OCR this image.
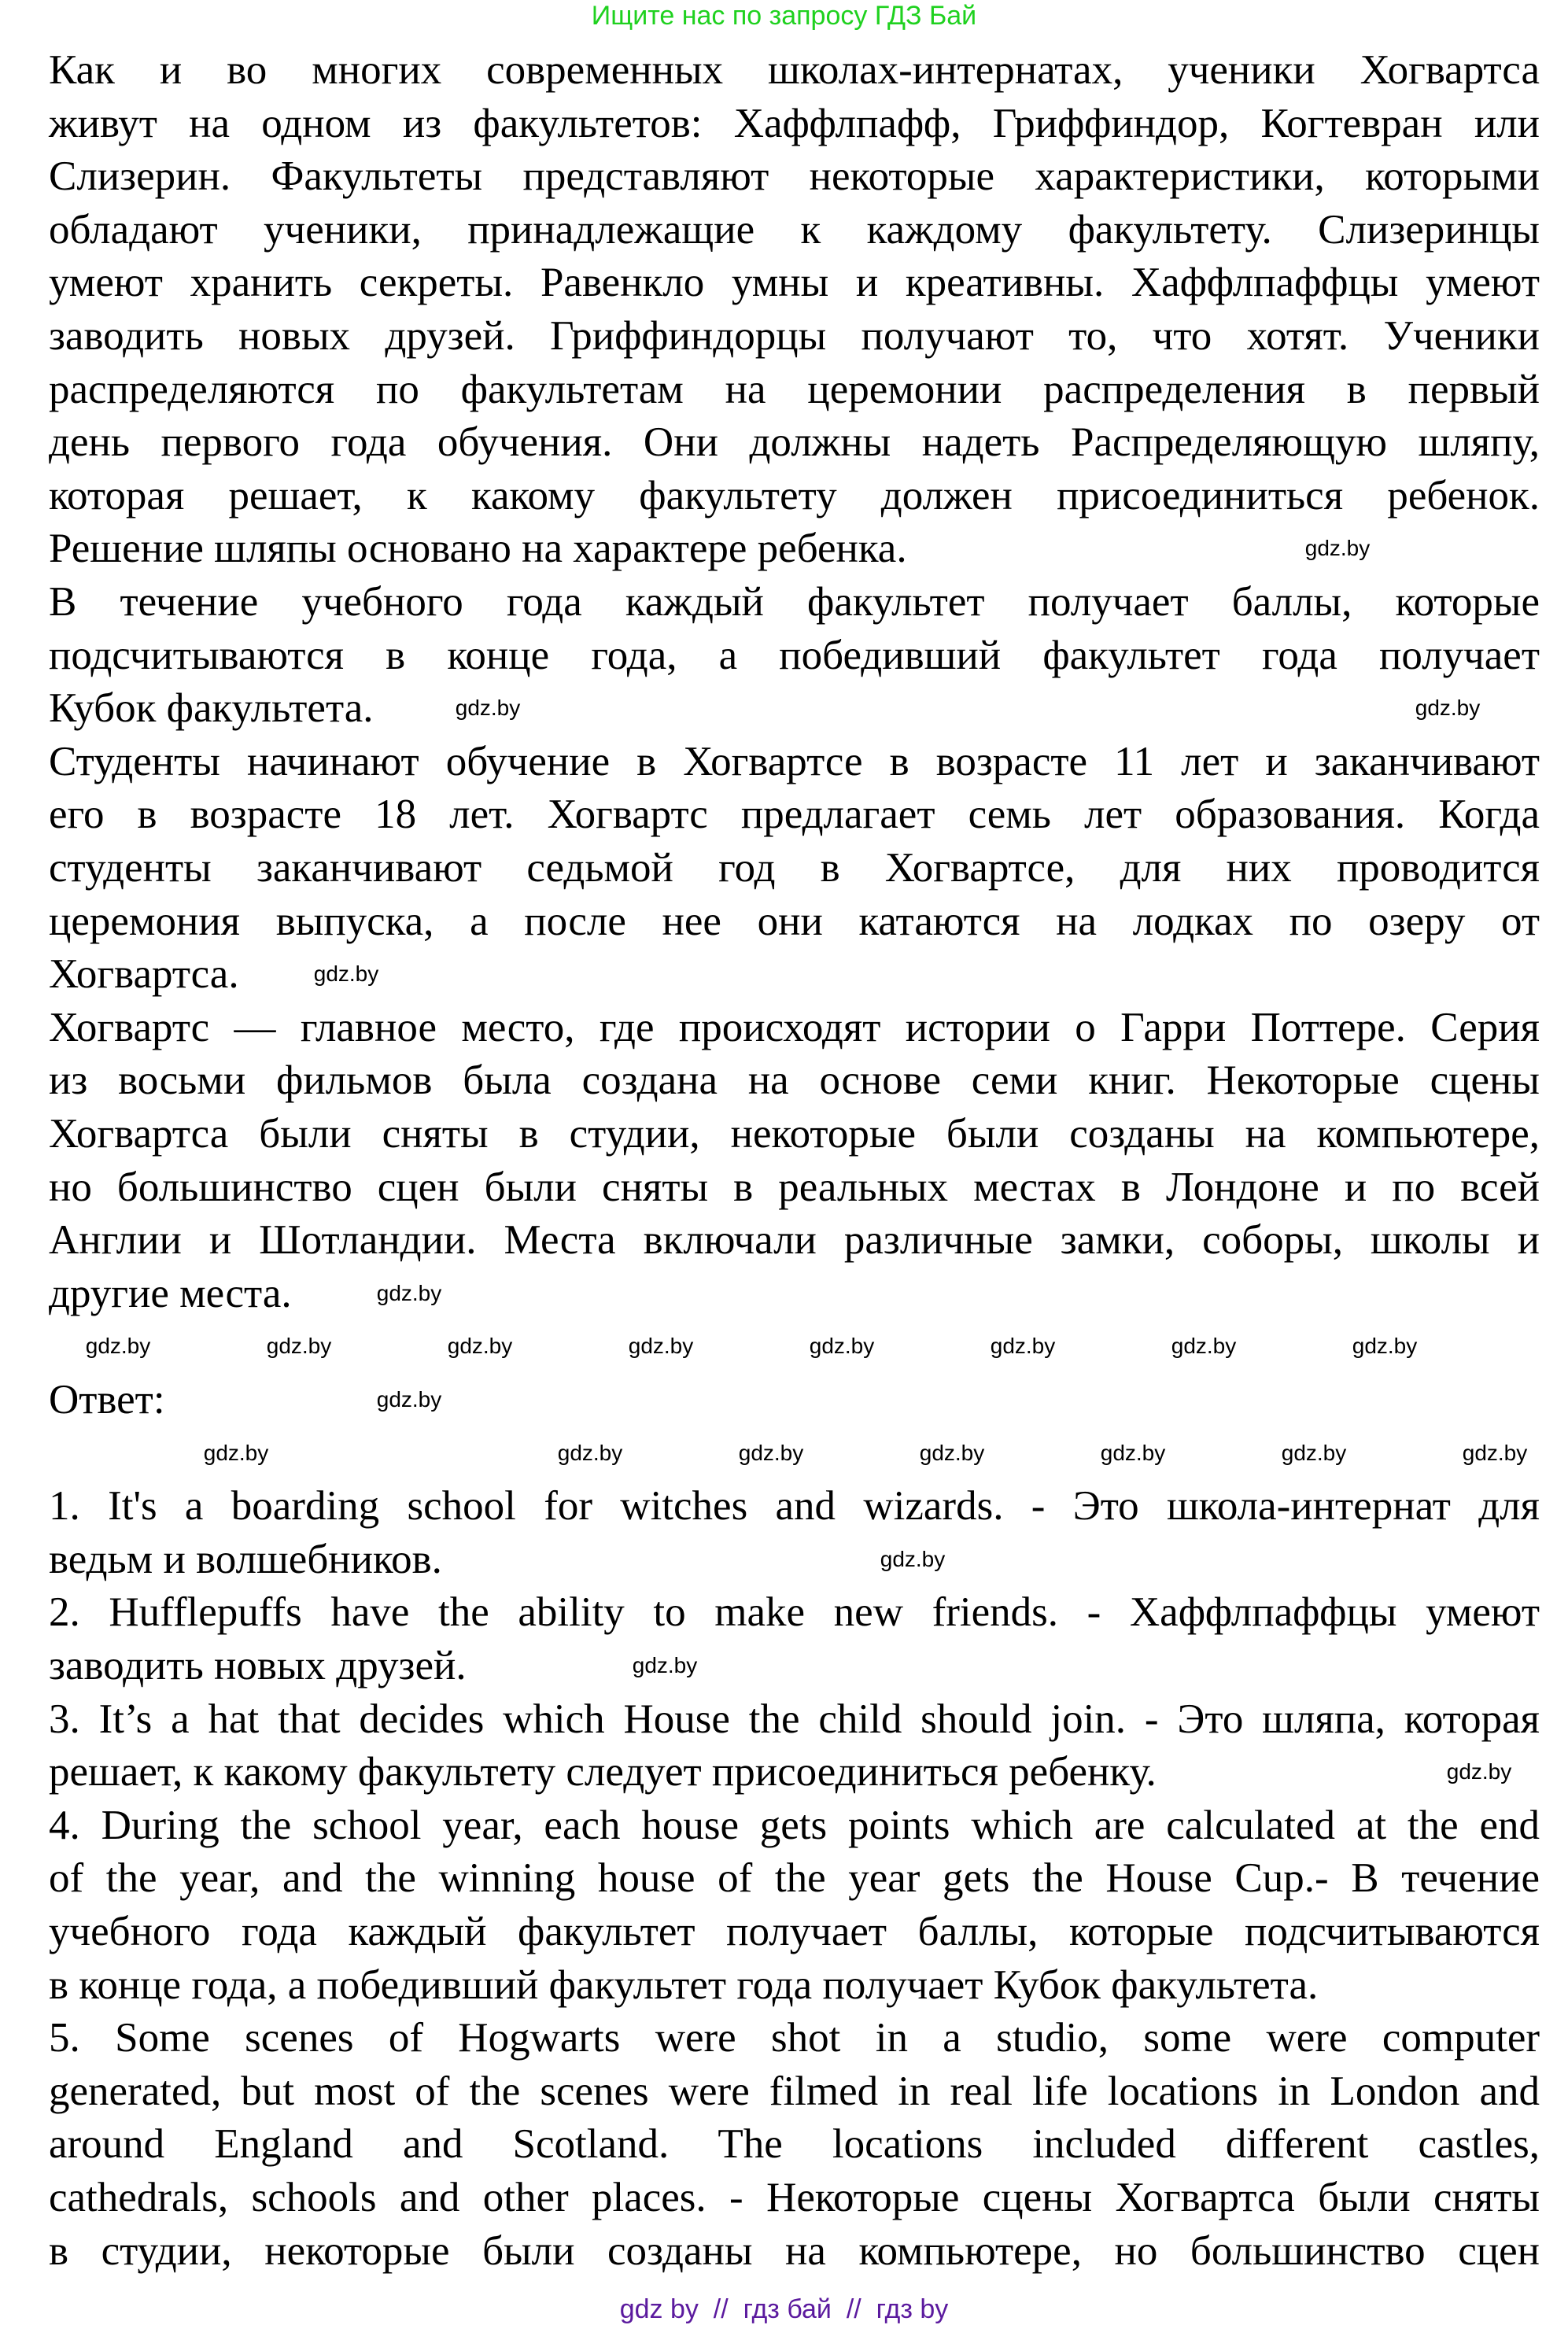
Ищите нас по запросу ГДЗ Бай
Как и во многих современных школах-интернатах, ученики Хогвартса
живут на одном из факультетов: Хаффлпафф, Гриффиндор, Когтевран или
Слизерин. Факультеты представляют некоторые характеристики, которыми
обладают ученики, принадлежащие к каждому факультету. Слизеринцы
умеют хранить секреты. Равенкло умны и креативны. Хаффлпаффцы умеют
заводить новых друзей. Гриффиндорцы получают то, что хотят. Ученики
распределяются по факультетам на церемонии распределения в первый
день первого года обучения. Они должны надеть Распределяющую шляпу,
которая решает, к какому факультету должен присоединиться ребенок.
Решение шляпы основано на характере ребенка.
В течение учебного года каждый факультет получает баллы, которые
подсчитываются в конце года, а победивший факультет года получает
Кубок факультета.
Студенты начинают обучение в Хогвартсе в возрасте 11 лет и заканчивают
его в возрасте 18 лет. Хогвартс предлагает семь лет образования. Когда
студенты заканчивают седьмой год в Хогвартсе, для них проводится
церемония выпуска, а после нее они катаются на лодках по озеру от
Хогвартса.
Хогвартс — главное место, где происходят истории о Гарри Поттере. Серия
из восьми фильмов была создана на основе семи книг. Некоторые сцены
Хогвартса были сняты в студии, некоторые были созданы на компьютере,
но большинство сцен были сняты в реальных местах в Лондоне и по всей
Англии и Шотландии. Места включали различные замки, соборы, школы и
другие места.
Ответ:
1. It's a boarding school for witches and wizards. - Это школа-интернат для
ведьм и волшебников.
2. Hufflepuffs have the ability to make new friends. - Хаффлпаффцы умеют
заводить новых друзей.
3. It’s a hat that decides which House the child should join. - Это шляпа, которая
решает, к какому факультету следует присоединиться ребенку.
4. During the school year, each house gets points which are calculated at the end
of the year, and the winning house of the year gets the House Cup.- В течение
учебного года каждый факультет получает баллы, которые подсчитываются
в конце года, а победивший факультет года получает Кубок факультета.
5. Some scenes of Hogwarts were shot in a studio, some were computer
generated, but most of the scenes were filmed in real life locations in London and
around England and Scotland. The locations included different castles,
cathedrals, schools and other places. - Некоторые сцены Хогвартса были сняты
в студии, некоторые были созданы на компьютере, но большинство сцен
gdz.by
gdz.by
gdz.by
gdz.by
gdz.by
gdz.by
gdz.by
gdz.by
gdz.by	gdz.by	gdz.by	gdz.by	gdz.by	gdz.by	gdz.by	gdz.by
gdz.by	gdz.by	gdz.by	gdz.by	gdz.by	gdz.by
gdz.by
gdz.by
gdz by  //  гдз бай  //  гдз by
